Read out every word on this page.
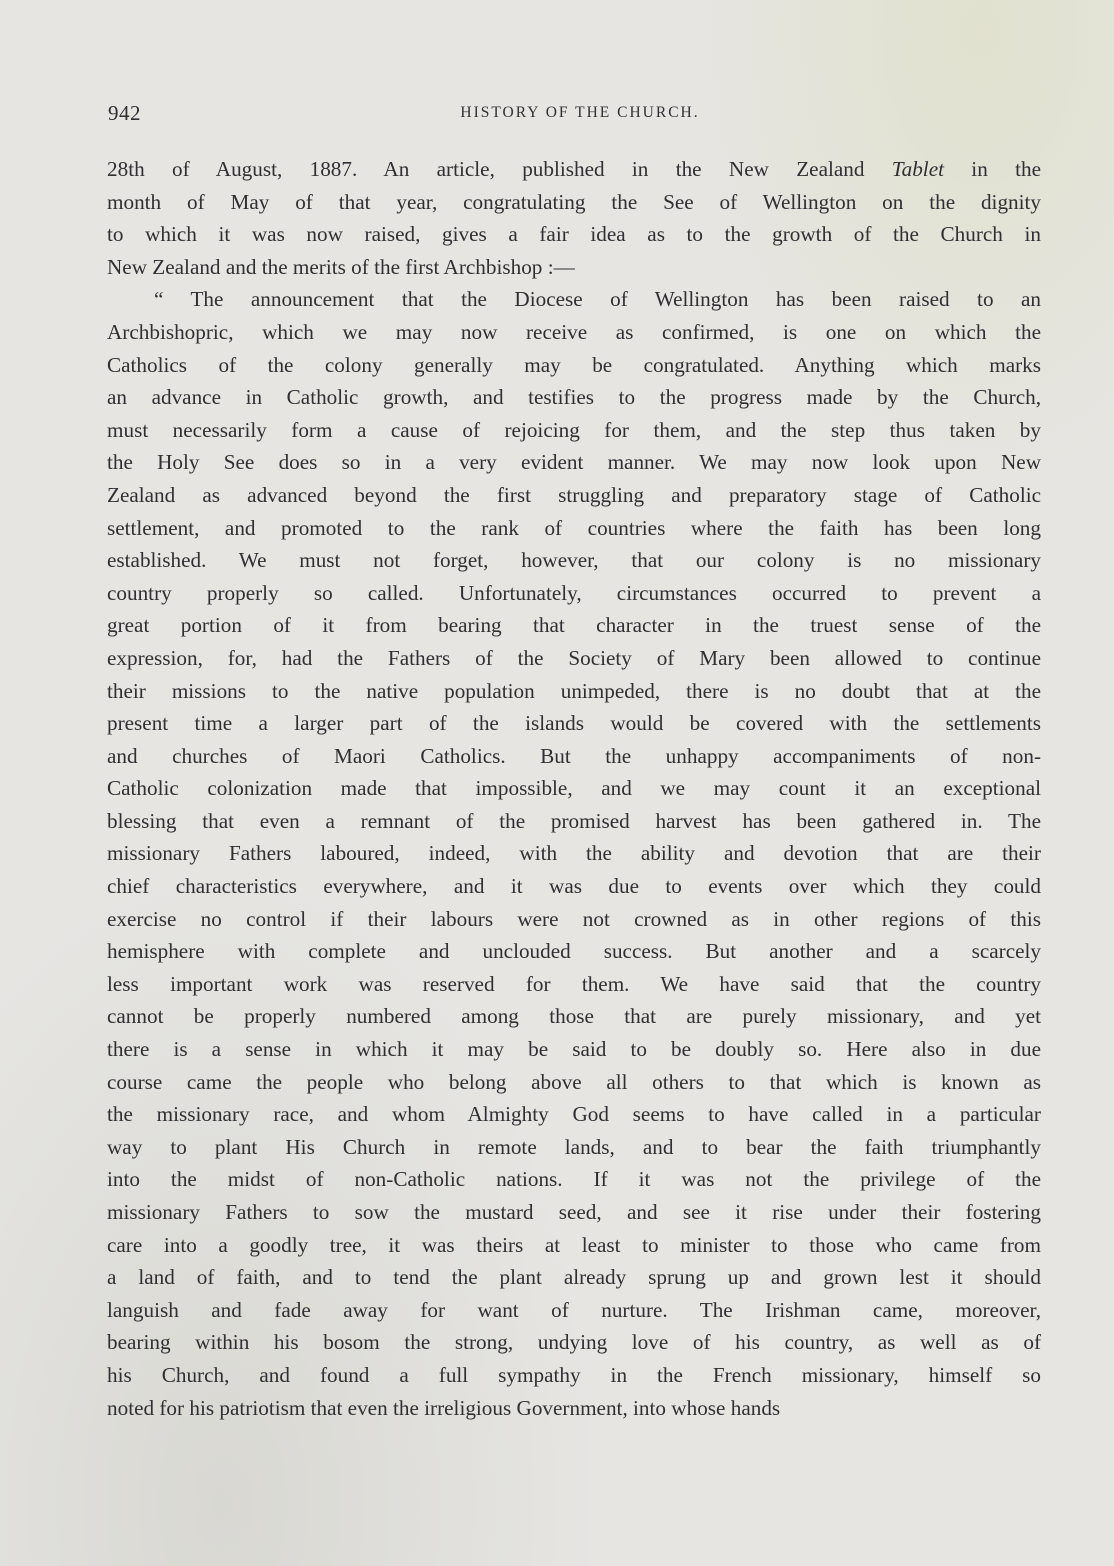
942	HISTORY OF THE CHURCH.
28th of August, 1887. An article, published in the New Zealand Tablet in the
month of May of that year, congratulating the See of Wellington on the dignity
to which it was now raised, gives a fair idea as to the growth of the Church in
New Zealand and the merits of the first Archbishop :—
“ The announcement that the Diocese of Wellington has been raised to an
Archbishopric, which we may now receive as confirmed, is one on which the
Catholics of the colony generally may be congratulated. Anything which marks
an advance in Catholic growth, and testifies to the progress made by the Church,
must necessarily form a cause of rejoicing for them, and the step thus taken by
the Holy See does so in a very evident manner. We may now look upon New
Zealand as advanced beyond the first struggling and preparatory stage of Catholic
settlement, and promoted to the rank of countries where the faith has been long
established. We must not forget, however, that our colony is no missionary
country properly so called. Unfortunately, circumstances occurred to prevent a
great portion of it from bearing that character in the truest sense of the
expression, for, had the Fathers of the Society of Mary been allowed to continue
their missions to the native population unimpeded, there is no doubt that at the
present time a larger part of the islands would be covered with the settlements
and churches of Maori Catholics. But the unhappy accompaniments of non-
Catholic colonization made that impossible, and we may count it an exceptional
blessing that even a remnant of the promised harvest has been gathered in. The
missionary Fathers laboured, indeed, with the ability and devotion that are their
chief characteristics everywhere, and it was due to events over which they could
exercise no control if their labours were not crowned as in other regions of this
hemisphere with complete and unclouded success. But another and a scarcely
less important work was reserved for them. We have said that the country
cannot be properly numbered among those that are purely missionary, and yet
there is a sense in which it may be said to be doubly so. Here also in due
course came the people who belong above all others to that which is known as
the missionary race, and whom Almighty God seems to have called in a particular
way to plant His Church in remote lands, and to bear the faith triumphantly
into the midst of non-Catholic nations. If it was not the privilege of the
missionary Fathers to sow the mustard seed, and see it rise under their fostering
care into a goodly tree, it was theirs at least to minister to those who came from
a land of faith, and to tend the plant already sprung up and grown lest it should
languish and fade away for want of nurture. The Irishman came, moreover,
bearing within his bosom the strong, undying love of his country, as well as of
his Church, and found a full sympathy in the French missionary, himself so
noted for his patriotism that even the irreligious Government, into whose hands
